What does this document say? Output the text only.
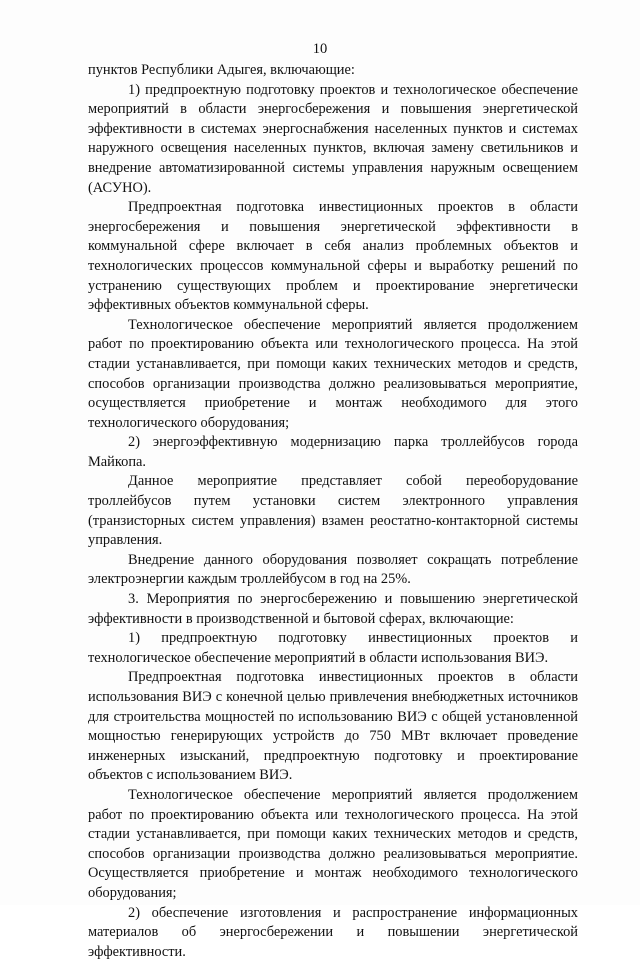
10

пунктов Республики Адыгея, включающие:

1) предпроектную подготовку проектов и технологическое обеспечение мероприятий в области энергосбережения и повышения энергетической эффективности в системах энергоснабжения населенных пунктов и системах наружного освещения населенных пунктов, включая замену светильников и внедрение автоматизированной системы управления наружным освещением (АСУНО).

Предпроектная подготовка инвестиционных проектов в области энергосбережения и повышения энергетической эффективности в коммунальной сфере включает в себя анализ проблемных объектов и технологических процессов коммунальной сферы и выработку решений по устранению существующих проблем и проектирование энергетически эффективных объектов коммунальной сферы.

Технологическое обеспечение мероприятий является продолжением работ по проектированию объекта или технологического процесса. На этой стадии устанавливается, при помощи каких технических методов и средств, способов организации производства должно реализовываться мероприятие, осуществляется приобретение и монтаж необходимого для этого технологического оборудования;

2) энергоэффективную модернизацию парка троллейбусов города Майкопа.

Данное мероприятие представляет собой переоборудование троллейбусов путем установки систем электронного управления (транзисторных систем управления) взамен реостатно-контакторной системы управления.

Внедрение данного оборудования позволяет сокращать потребление электроэнергии каждым троллейбусом в год на 25%.

3. Мероприятия по энергосбережению и повышению энергетической эффективности в производственной и бытовой сферах, включающие:

1) предпроектную подготовку инвестиционных проектов и технологическое обеспечение мероприятий в области использования ВИЭ.

Предпроектная подготовка инвестиционных проектов в области использования ВИЭ с конечной целью привлечения внебюджетных источников для строительства мощностей по использованию ВИЭ с общей установленной мощностью генерирующих устройств до 750 МВт включает проведение инженерных изысканий, предпроектную подготовку и проектирование объектов с использованием ВИЭ.

Технологическое обеспечение мероприятий является продолжением работ по проектированию объекта или технологического процесса. На этой стадии устанавливается, при помощи каких технических методов и средств, способов организации производства должно реализовываться мероприятие. Осуществляется приобретение и монтаж необходимого технологического оборудования;

2) обеспечение изготовления и распространение информационных материалов об энергосбережении и повышении энергетической эффективности.
